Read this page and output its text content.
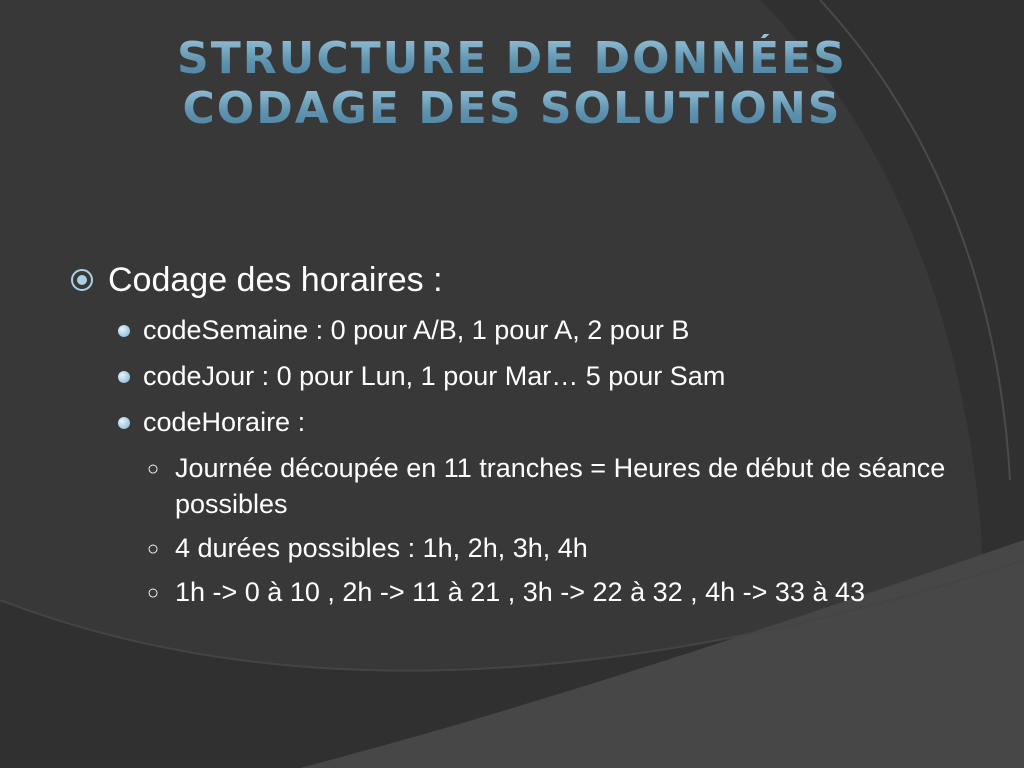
STRUCTURE DE DONNÉES
CODAGE DES SOLUTIONS
Codage des horaires :
codeSemaine : 0 pour A/B, 1 pour A, 2 pour B
codeJour : 0 pour Lun, 1 pour Mar… 5 pour Sam
codeHoraire :
○ Journée découpée en 11 tranches = Heures de début de séance possibles
○ 4 durées possibles : 1h, 2h, 3h, 4h
○ 1h -> 0 à 10 , 2h -> 11 à 21 , 3h -> 22 à 32 , 4h -> 33 à 43
